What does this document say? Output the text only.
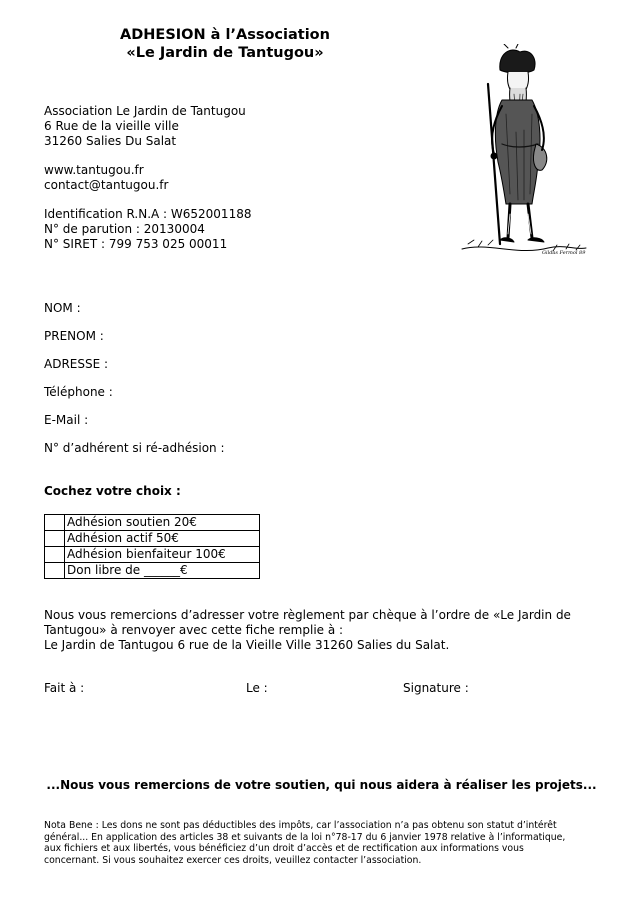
ADHESION à l’Association
«Le Jardin de Tantugou»
Association Le Jardin de Tantugou
6 Rue de la vieille ville
31260 Salies Du Salat
www.tantugou.fr
contact@tantugou.fr
Identification R.N.A : W652001188
N° de parution : 20130004
N° SIRET : 799 753 025 00011
Gildas Fermol 89
NOM :
PRENOM :
ADRESSE :
Téléphone :
E-Mail :
N° d’adhérent si ré-adhésion :
Cochez votre choix :
	Adhésion soutien 20€
	Adhésion actif 50€
	Adhésion bienfaiteur 100€
	Don libre de ______€
Nous vous remercions d’adresser votre règlement par chèque à l’ordre de «Le Jardin de
Tantugou» à renvoyer avec cette fiche remplie à :
Le Jardin de Tantugou 6 rue de la Vieille Ville 31260 Salies du Salat.
Fait à :	Le :	Signature :
...Nous vous remercions de votre soutien, qui nous aidera à réaliser les projets...
Nota Bene : Les dons ne sont pas déductibles des impôts, car l’association n’a pas obtenu son statut d’intérêt
général... En application des articles 38 et suivants de la loi n°78-17 du 6 janvier 1978 relative à l’informatique,
aux fichiers et aux libertés, vous bénéficiez d’un droit d’accès et de rectification aux informations vous
concernant. Si vous souhaitez exercer ces droits, veuillez contacter l’association.
